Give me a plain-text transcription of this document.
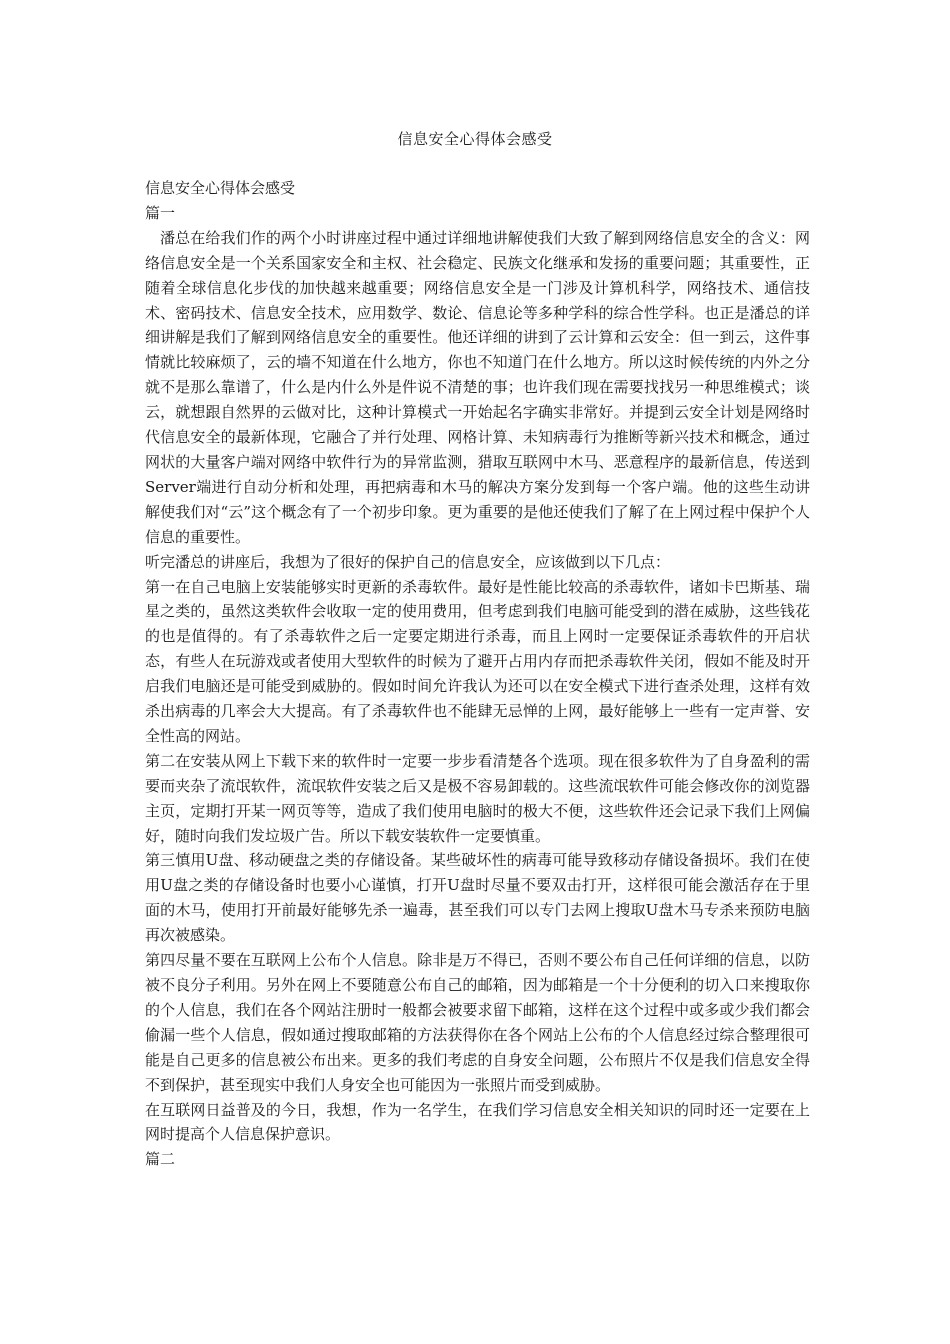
信息安全心得体会感受

信息安全心得体会感受

篇一

潘总在给我们作的两个小时讲座过程中通过详细地讲解使我们大致了解到网络信息安全的含义：网络信息安全是一个关系国家安全和主权、社会稳定、民族文化继承和发扬的重要问题；其重要性，正随着全球信息化步伐的加快越来越重要；网络信息安全是一门涉及计算机科学，网络技术、通信技术、密码技术、信息安全技术，应用数学、数论、信息论等多种学科的综合性学科。也正是潘总的详细讲解是我们了解到网络信息安全的重要性。他还详细的讲到了云计算和云安全：但一到云，这件事情就比较麻烦了，云的墙不知道在什么地方，你也不知道门在什么地方。所以这时候传统的内外之分就不是那么靠谱了，什么是内什么外是件说不清楚的事；也许我们现在需要找找另一种思维模式；谈云，就想跟自然界的云做对比，这种计算模式一开始起名字确实非常好。并提到云安全计划是网络时代信息安全的最新体现，它融合了并行处理、网格计算、未知病毒行为推断等新兴技术和概念，通过网状的大量客户端对网络中软件行为的异常监测，猎取互联网中木马、恶意程序的最新信息，传送到Server端进行自动分析和处理，再把病毒和木马的解决方案分发到每一个客户端。他的这些生动讲解使我们对“云”这个概念有了一个初步印象。更为重要的是他还使我们了解了在上网过程中保护个人信息的重要性。

听完潘总的讲座后，我想为了很好的保护自己的信息安全，应该做到以下几点：

第一在自己电脑上安装能够实时更新的杀毒软件。最好是性能比较高的杀毒软件，诸如卡巴斯基、瑞星之类的，虽然这类软件会收取一定的使用费用，但考虑到我们电脑可能受到的潜在威胁，这些钱花的也是值得的。有了杀毒软件之后一定要定期进行杀毒，而且上网时一定要保证杀毒软件的开启状态，有些人在玩游戏或者使用大型软件的时候为了避开占用内存而把杀毒软件关闭，假如不能及时开启我们电脑还是可能受到威胁的。假如时间允许我认为还可以在安全模式下进行查杀处理，这样有效杀出病毒的几率会大大提高。有了杀毒软件也不能肆无忌惮的上网，最好能够上一些有一定声誉、安全性高的网站。

第二在安装从网上下载下来的软件时一定要一步步看清楚各个选项。现在很多软件为了自身盈利的需要而夹杂了流氓软件，流氓软件安装之后又是极不容易卸载的。这些流氓软件可能会修改你的浏览器主页，定期打开某一网页等等，造成了我们使用电脑时的极大不便，这些软件还会记录下我们上网偏好，随时向我们发垃圾广告。所以下载安装软件一定要慎重。

第三慎用U盘、移动硬盘之类的存储设备。某些破坏性的病毒可能导致移动存储设备损坏。我们在使用U盘之类的存储设备时也要小心谨慎，打开U盘时尽量不要双击打开，这样很可能会激活存在于里面的木马，使用打开前最好能够先杀一遍毒，甚至我们可以专门去网上搜取U盘木马专杀来预防电脑再次被感染。

第四尽量不要在互联网上公布个人信息。除非是万不得已，否则不要公布自己任何详细的信息，以防被不良分子利用。另外在网上不要随意公布自己的邮箱，因为邮箱是一个十分便利的切入口来搜取你的个人信息，我们在各个网站注册时一般都会被要求留下邮箱，这样在这个过程中或多或少我们都会偷漏一些个人信息，假如通过搜取邮箱的方法获得你在各个网站上公布的个人信息经过综合整理很可能是自己更多的信息被公布出来。更多的我们考虑的自身安全问题，公布照片不仅是我们信息安全得不到保护，甚至现实中我们人身安全也可能因为一张照片而受到威胁。

在互联网日益普及的今日，我想，作为一名学生，在我们学习信息安全相关知识的同时还一定要在上网时提高个人信息保护意识。

篇二
